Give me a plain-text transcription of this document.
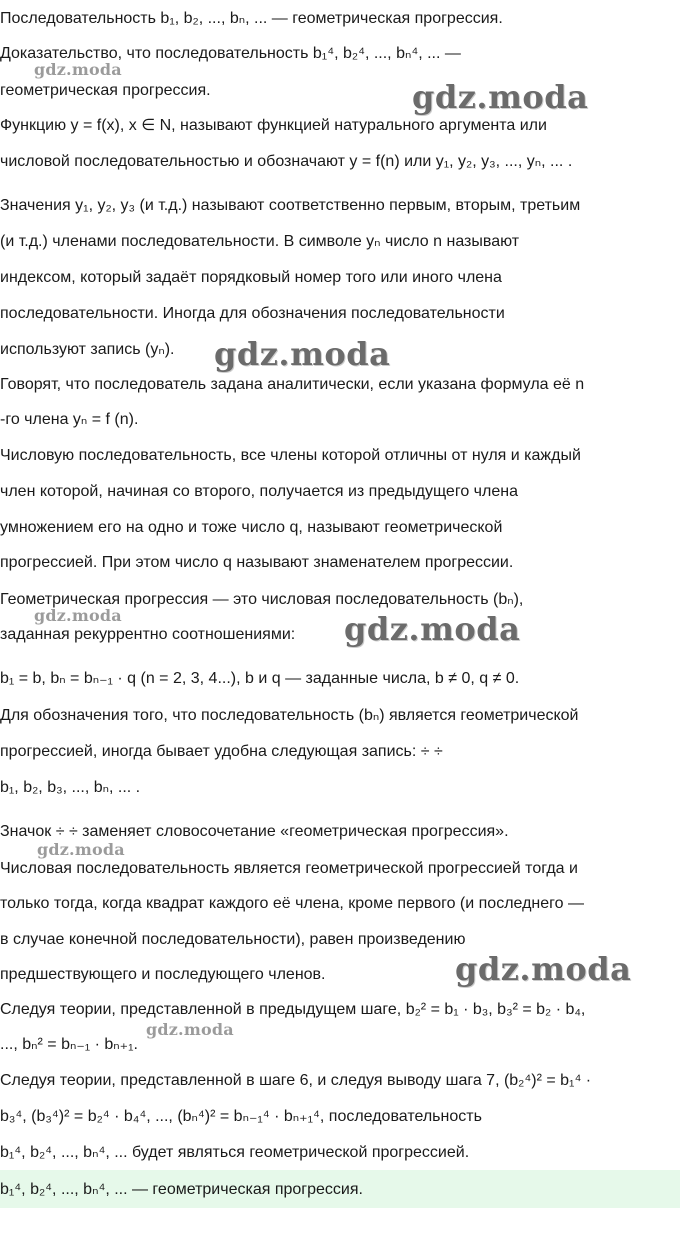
Последовательность b₁, b₂, ..., bₙ, ... — геометрическая прогрессия.
Доказательство, что последовательность b₁⁴, b₂⁴, ..., bₙ⁴, ... —
геометрическая прогрессия.
Функцию y = f(x), x ∈ N, называют функцией натурального аргумента или
числовой последовательностью и обозначают y = f(n) или y₁, y₂, y₃, ..., yₙ, ... .
Значения y₁, y₂, y₃ (и т.д.) называют соответственно первым, вторым, третьим
(и т.д.) членами последовательности. В символе yₙ число n называют
индексом, который задаёт порядковый номер того или иного члена
последовательности. Иногда для обозначения последовательности
используют запись (yₙ).
Говорят, что последователь задана аналитически, если указана формула её n
-го члена yₙ = f (n).
Числовую последовательность, все члены которой отличны от нуля и каждый
член которой, начиная со второго, получается из предыдущего члена
умножением его на одно и тоже число q, называют геометрической
прогрессией. При этом число q называют знаменателем прогрессии.
Геометрическая прогрессия — это числовая последовательность (bₙ),
заданная рекуррентно соотношениями:
b₁ = b, bₙ = bₙ₋₁ · q (n = 2, 3, 4...), b и q — заданные числа, b ≠ 0, q ≠ 0.
Для обозначения того, что последовательность (bₙ) является геометрической
прогрессией, иногда бывает удобна следующая запись: ÷ ÷
b₁, b₂, b₃, ..., bₙ, ... .
Значок ÷ ÷ заменяет словосочетание «геометрическая прогрессия».
Числовая последовательность является геометрической прогрессией тогда и
только тогда, когда квадрат каждого её члена, кроме первого (и последнего —
в случае конечной последовательности), равен произведению
предшествующего и последующего членов.
Следуя теории, представленной в предыдущем шаге, b₂² = b₁ · b₃, b₃² = b₂ · b₄,
..., bₙ² = bₙ₋₁ · bₙ₊₁.
Следуя теории, представленной в шаге 6, и следуя выводу шага 7, (b₂⁴)² = b₁⁴ ·
b₃⁴, (b₃⁴)² = b₂⁴ · b₄⁴, ..., (bₙ⁴)² = bₙ₋₁⁴ · bₙ₊₁⁴, последовательность
b₁⁴, b₂⁴, ..., bₙ⁴, ... будет являться геометрической прогрессией.
b₁⁴, b₂⁴, ..., bₙ⁴, ... — геометрическая прогрессия.
gdz.moda
gdz.moda
gdz.moda
gdz.moda	gdz.moda
gdz.moda
gdz.moda
gdz.moda
